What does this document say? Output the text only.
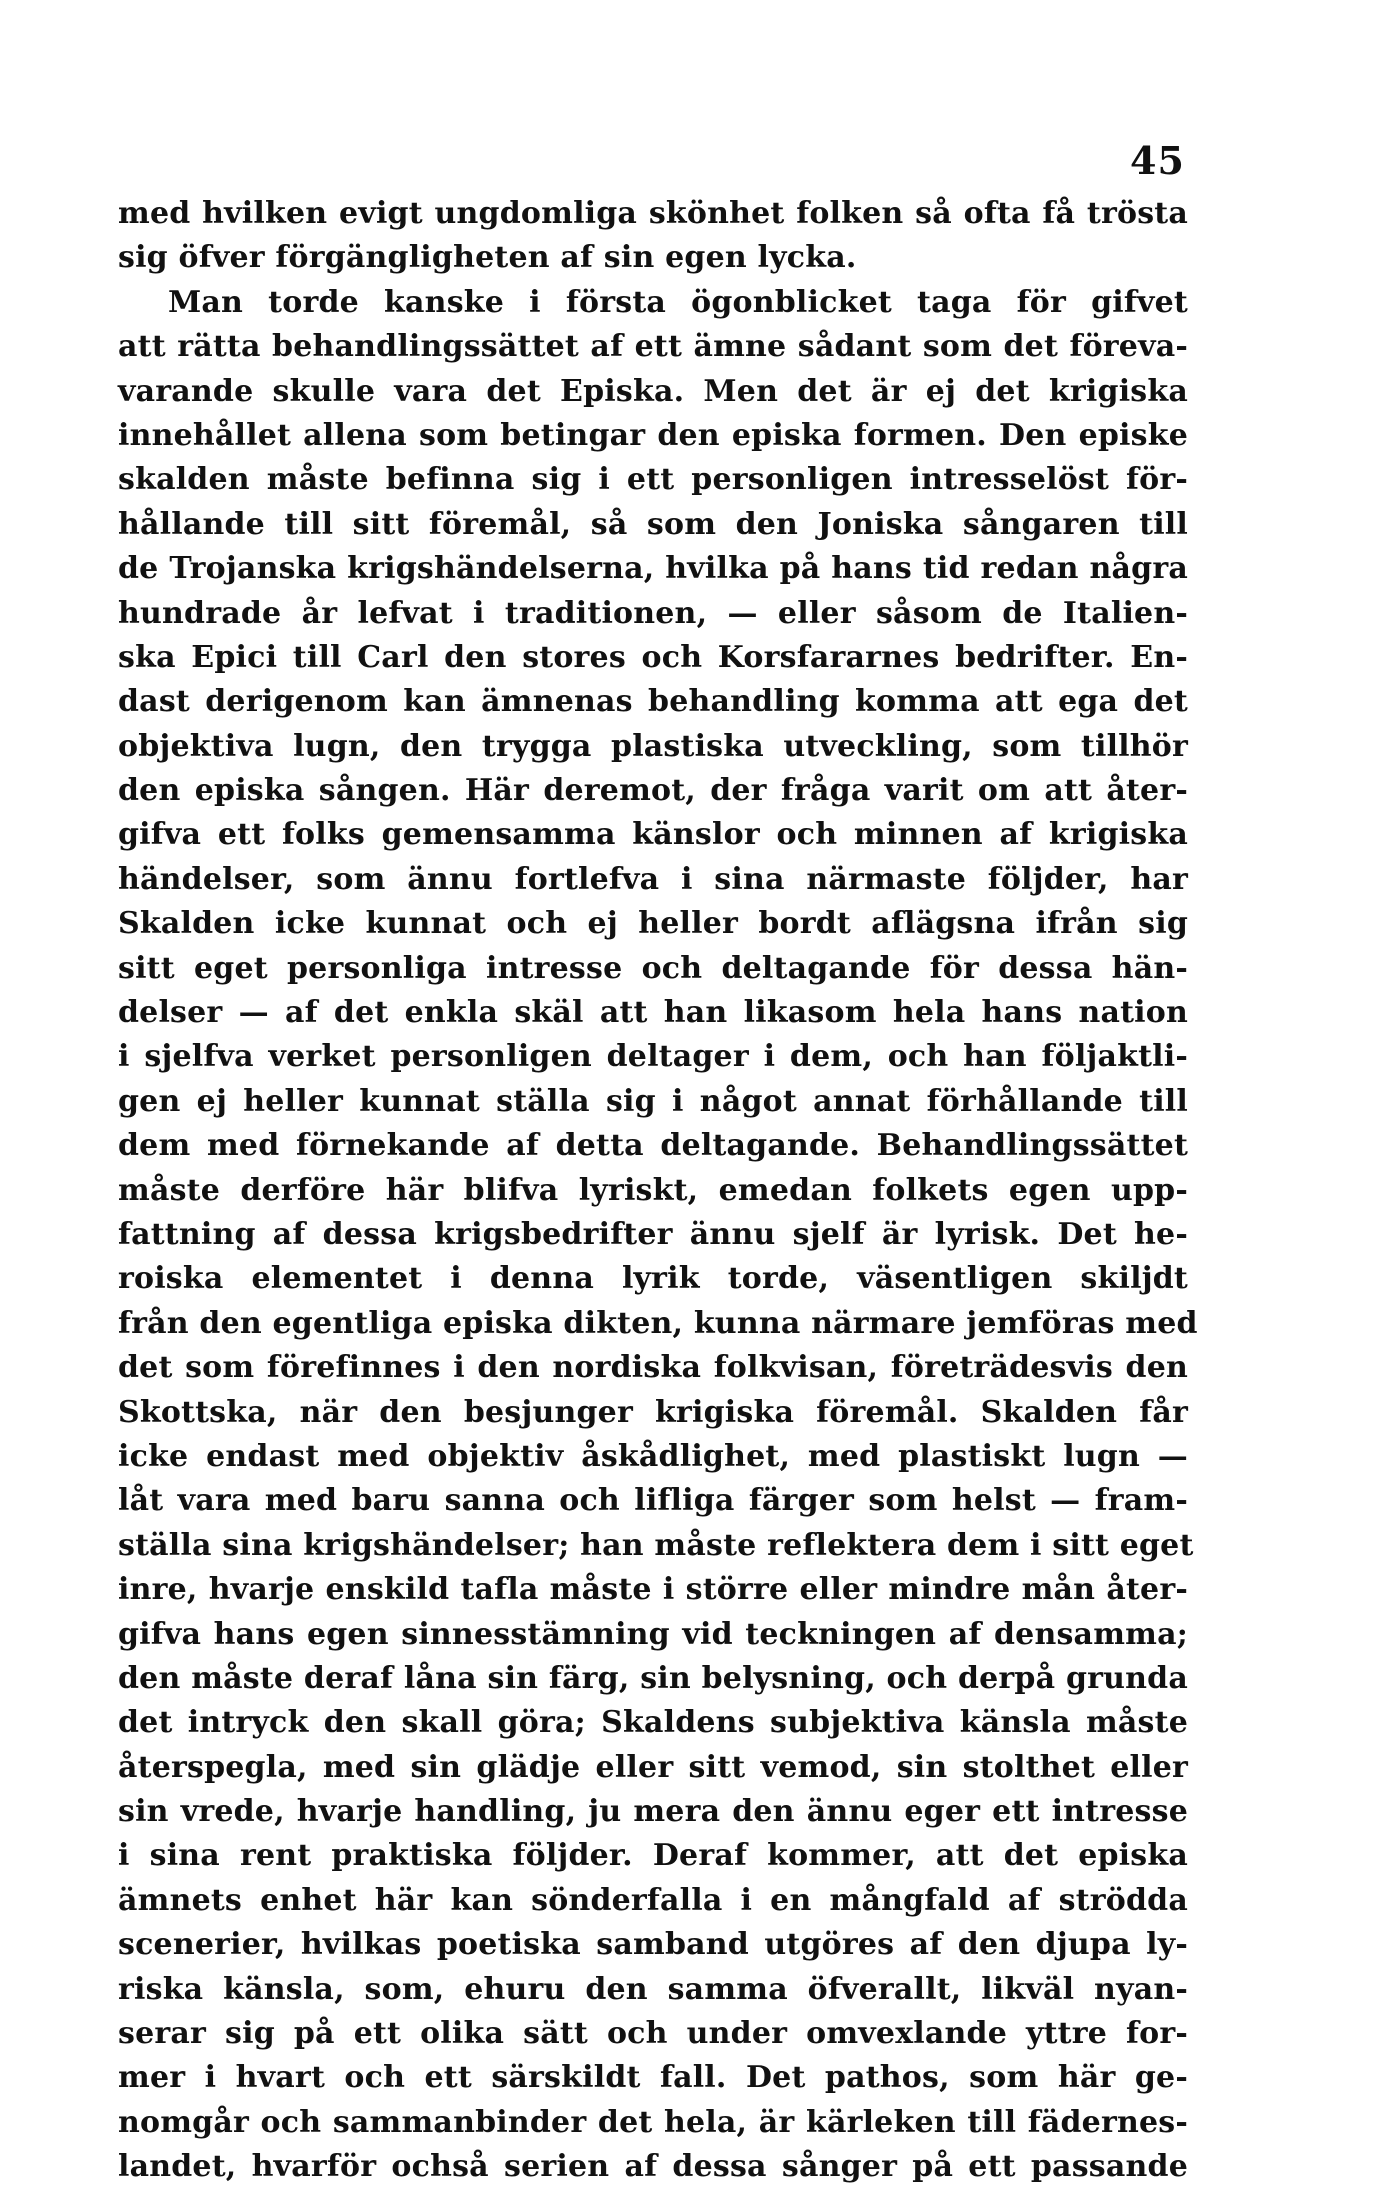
45
med hvilken evigt ungdomliga skönhet folken så ofta få trösta
sig öfver förgängligheten af sin egen lycka.
Man torde kanske i första ögonblicket taga för gifvet
att rätta behandlingssättet af ett ämne sådant som det föreva-
varande skulle vara det Episka. Men det är ej det krigiska
innehållet allena som betingar den episka formen. Den episke
skalden måste befinna sig i ett personligen intresselöst för-
hållande till sitt föremål, så som den Joniska sångaren till
de Trojanska krigshändelserna, hvilka på hans tid redan några
hundrade år lefvat i traditionen, — eller såsom de Italien-
ska Epici till Carl den stores och Korsfararnes bedrifter. En-
dast derigenom kan ämnenas behandling komma att ega det
objektiva lugn, den trygga plastiska utveckling, som tillhör
den episka sången. Här deremot, der fråga varit om att åter-
gifva ett folks gemensamma känslor och minnen af krigiska
händelser, som ännu fortlefva i sina närmaste följder, har
Skalden icke kunnat och ej heller bordt aflägsna ifrån sig
sitt eget personliga intresse och deltagande för dessa hän-
delser — af det enkla skäl att han likasom hela hans nation
i sjelfva verket personligen deltager i dem, och han följaktli-
gen ej heller kunnat ställa sig i något annat förhållande till
dem med förnekande af detta deltagande. Behandlingssättet
måste derföre här blifva lyriskt, emedan folkets egen upp-
fattning af dessa krigsbedrifter ännu sjelf är lyrisk. Det he-
roiska elementet i denna lyrik torde, väsentligen skiljdt
från den egentliga episka dikten, kunna närmare jemföras med
det som förefinnes i den nordiska folkvisan, företrädesvis den
Skottska, när den besjunger krigiska föremål. Skalden får
icke endast med objektiv åskådlighet, med plastiskt lugn —
låt vara med baru sanna och lifliga färger som helst — fram-
ställa sina krigshändelser; han måste reflektera dem i sitt eget
inre, hvarje enskild tafla måste i större eller mindre mån åter-
gifva hans egen sinnesstämning vid teckningen af densamma;
den måste deraf låna sin färg, sin belysning, och derpå grunda
det intryck den skall göra; Skaldens subjektiva känsla måste
återspegla, med sin glädje eller sitt vemod, sin stolthet eller
sin vrede, hvarje handling, ju mera den ännu eger ett intresse
i sina rent praktiska följder. Deraf kommer, att det episka
ämnets enhet här kan sönderfalla i en mångfald af strödda
scenerier, hvilkas poetiska samband utgöres af den djupa ly-
riska känsla, som, ehuru den samma öfverallt, likväl nyan-
serar sig på ett olika sätt och under omvexlande yttre for-
mer i hvart och ett särskildt fall. Det pathos, som här ge-
nomgår och sammanbinder det hela, är kärleken till fädernes-
landet, hvarför ochså serien af dessa sånger på ett passande
